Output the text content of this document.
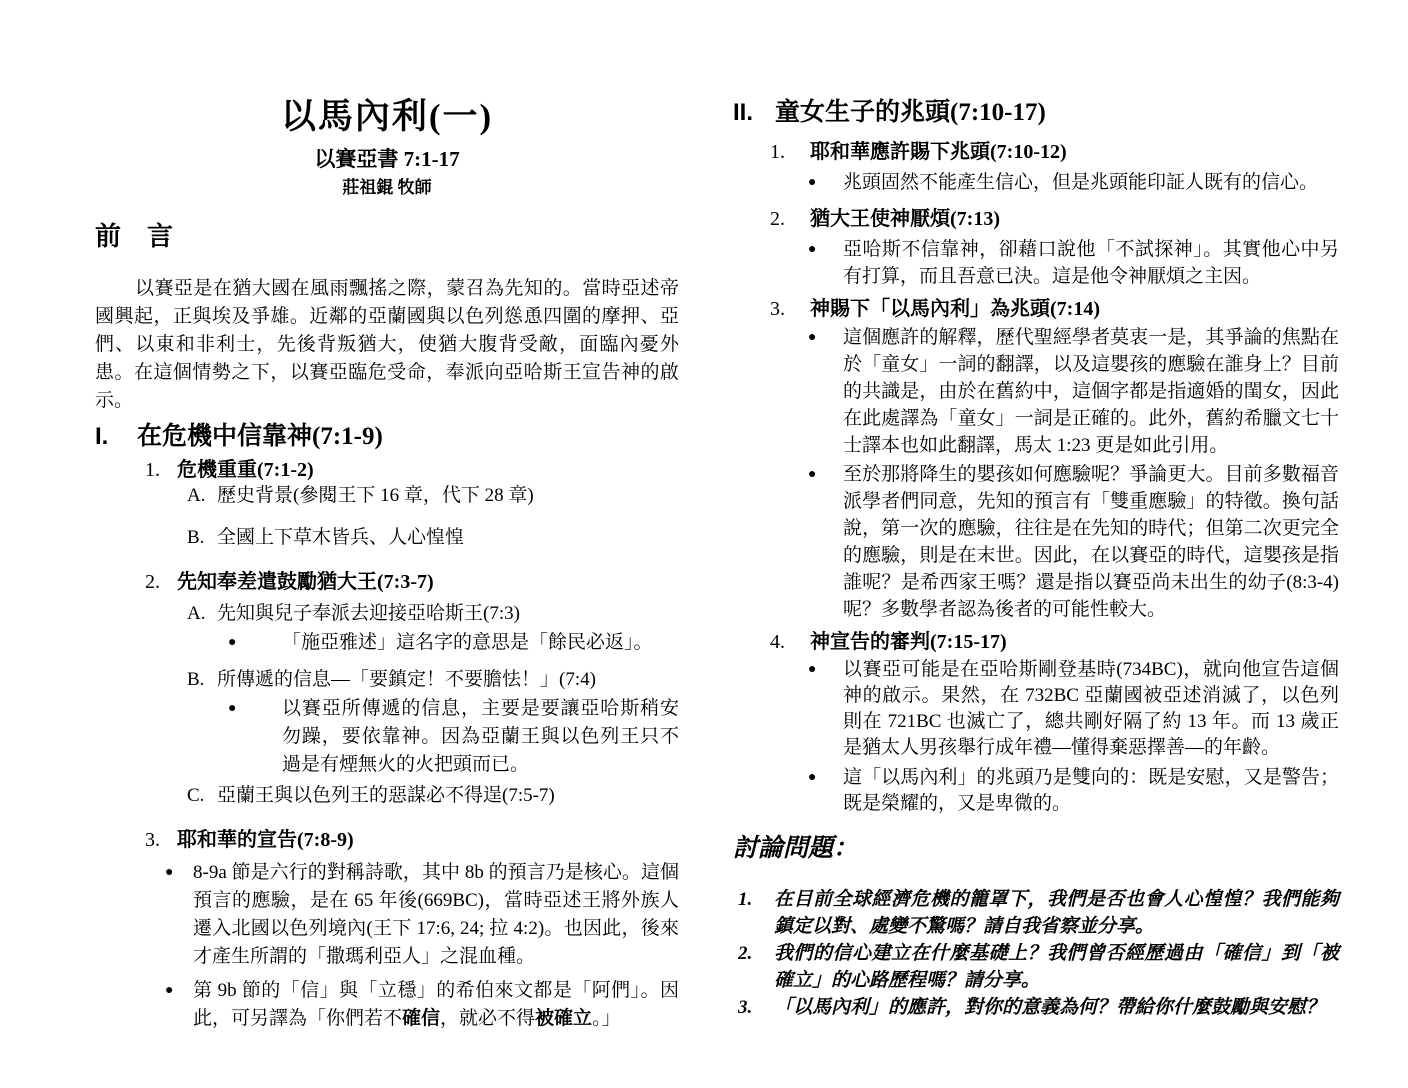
以馬內利(一)
以賽亞書 7:1-17
莊祖錕 牧師
前　言

以賽亞是在猶大國在風雨飄搖之際，蒙召為先知的。當時亞述帝國興起，正與埃及爭雄。近鄰的亞蘭國與以色列慫恿四圍的摩押、亞們、以東和非利士，先後背叛猶大，使猶大腹背受敵，面臨內憂外患。在這個情勢之下，以賽亞臨危受命，奉派向亞哈斯王宣告神的啟示。

I.	在危機中信靠神(7:1-9)
1. 危機重重(7:1-2)
A. 歷史背景(參閱王下 16 章，代下 28 章)
B. 全國上下草木皆兵、人心惶惶
2. 先知奉差遣鼓勵猶大王(7:3-7)
A. 先知與兒子奉派去迎接亞哈斯王(7:3)
●	「施亞雅述」這名字的意思是「餘民必返」。
B. 所傳遞的信息—「要鎮定！不要膽怯！」(7:4)
●	以賽亞所傳遞的信息，主要是要讓亞哈斯稍安勿躁，要依靠神。因為亞蘭王與以色列王只不過是有煙無火的火把頭而已。
C. 亞蘭王與以色列王的惡謀必不得逞(7:5-7)
3. 耶和華的宣告(7:8-9)
●	8-9a 節是六行的對稱詩歌，其中 8b 的預言乃是核心。這個預言的應驗，是在 65 年後(669BC)，當時亞述王將外族人遷入北國以色列境內(王下 17:6, 24; 拉 4:2)。也因此，後來才產生所謂的「撒瑪利亞人」之混血種。
●	第 9b 節的「信」與「立穩」的希伯來文都是「阿們」。因此，可另譯為「你們若不確信，就必不得被確立。」
II. 童女生子的兆頭(7:10-17)
1.	耶和華應許賜下兆頭(7:10-12)
●	兆頭固然不能產生信心，但是兆頭能印証人既有的信心。
2.	猶大王使神厭煩(7:13)
●	亞哈斯不信靠神，卻藉口說他「不試探神」。其實他心中另有打算，而且吾意已決。這是他令神厭煩之主因。
3.	神賜下「以馬內利」為兆頭(7:14)
●	這個應許的解釋，歷代聖經學者莫衷一是，其爭論的焦點在於「童女」一詞的翻譯，以及這嬰孩的應驗在誰身上？目前的共識是，由於在舊約中，這個字都是指適婚的閨女，因此在此處譯為「童女」一詞是正確的。此外，舊約希臘文七十士譯本也如此翻譯，馬太 1:23 更是如此引用。
●	至於那將降生的嬰孩如何應驗呢？爭論更大。目前多數福音派學者們同意，先知的預言有「雙重應驗」的特徵。換句話說，第一次的應驗，往往是在先知的時代；但第二次更完全的應驗，則是在末世。因此，在以賽亞的時代，這嬰孩是指誰呢？是希西家王嗎？還是指以賽亞尚未出生的幼子(8:3-4)呢？多數學者認為後者的可能性較大。
4.	神宣告的審判(7:15-17)
●	以賽亞可能是在亞哈斯剛登基時(734BC)，就向他宣告這個神的啟示。果然，在 732BC 亞蘭國被亞述消滅了，以色列則在 721BC 也滅亡了，總共剛好隔了約 13 年。而 13 歲正是猶太人男孩舉行成年禮—懂得棄惡擇善—的年齡。
●	這「以馬內利」的兆頭乃是雙向的：既是安慰，又是警告；既是榮耀的，又是卑微的。
討論問題：
1.	在目前全球經濟危機的籠罩下，我們是否也會人心惶惶？我們能夠鎮定以對、處變不驚嗎？請自我省察並分享。
2.	我們的信心建立在什麼基礎上？我們曾否經歷過由「確信」到「被確立」的心路歷程嗎？請分享。
3.	「以馬內利」的應許，對你的意義為何？帶給你什麼鼓勵與安慰？
